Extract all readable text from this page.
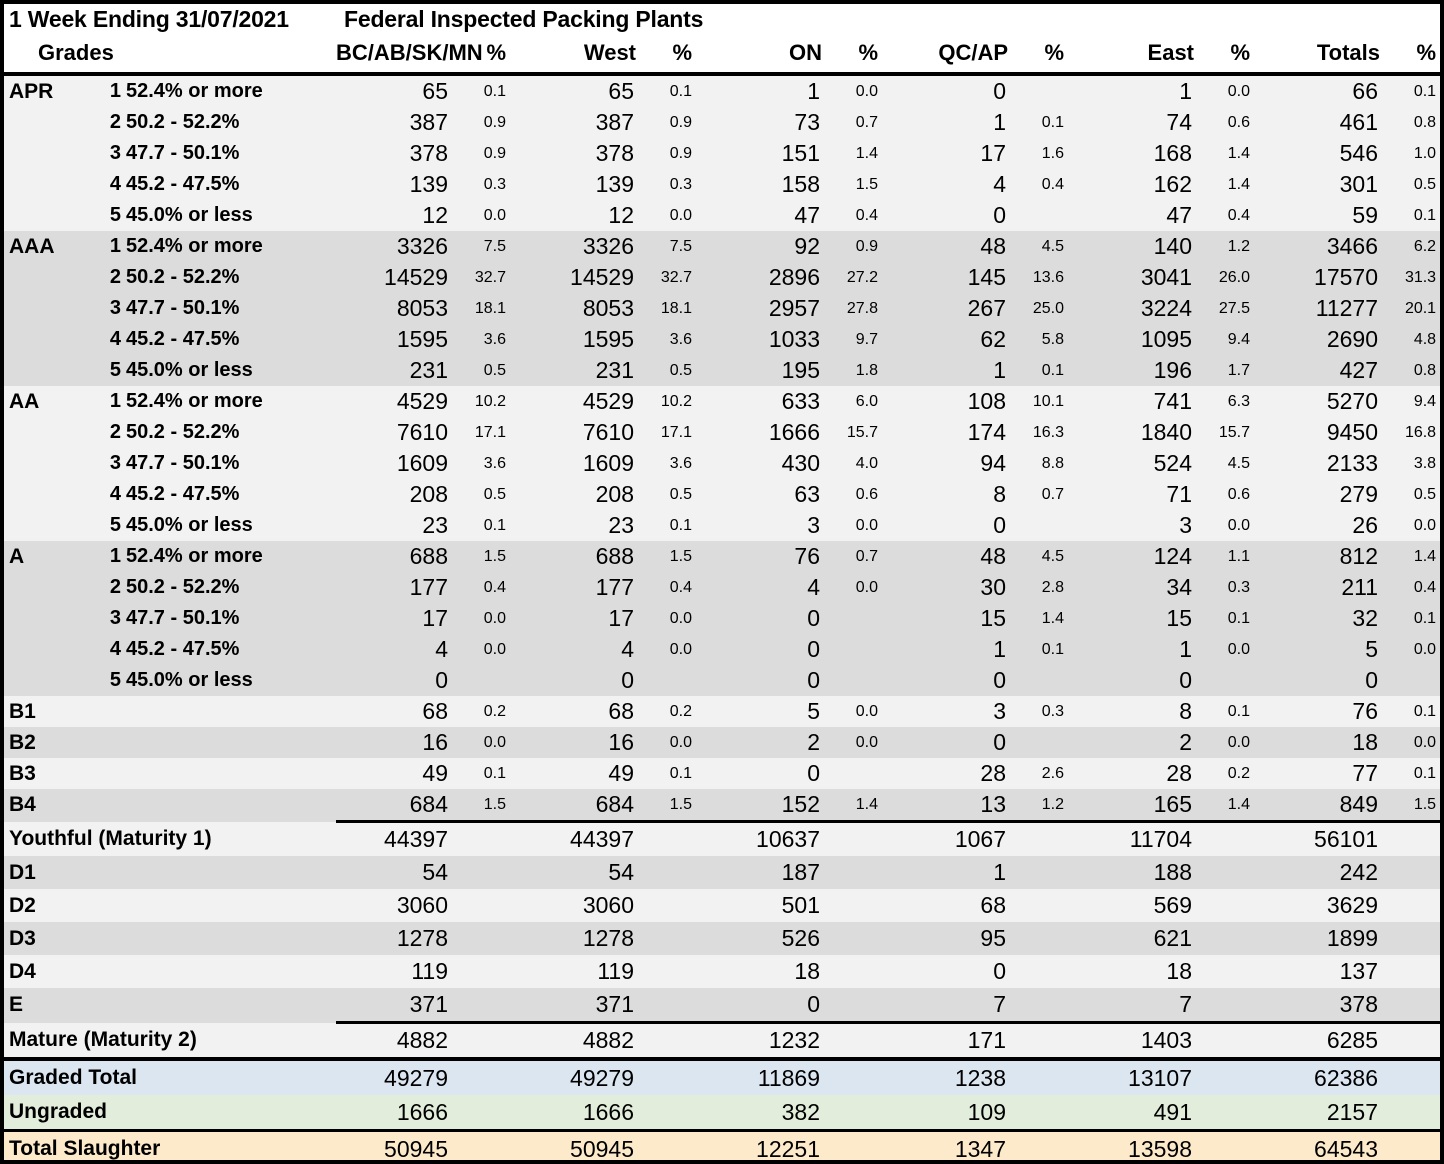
1 Week Ending 31/07/2021			Federal Inspected Packing Plants											
Grades			BC/AB/SK/MN	%	West	%	ON	%	QC/AP	%	East	%	Totals	%
APR	1	52.4% or more	65	0.1	65	0.1	1	0.0	0		1	0.0	66	0.1
	2	50.2 - 52.2%	387	0.9	387	0.9	73	0.7	1	0.1	74	0.6	461	0.8
	3	47.7 - 50.1%	378	0.9	378	0.9	151	1.4	17	1.6	168	1.4	546	1.0
	4	45.2 - 47.5%	139	0.3	139	0.3	158	1.5	4	0.4	162	1.4	301	0.5
	5	45.0% or less	12	0.0	12	0.0	47	0.4	0		47	0.4	59	0.1
AAA	1	52.4% or more	3326	7.5	3326	7.5	92	0.9	48	4.5	140	1.2	3466	6.2
	2	50.2 - 52.2%	14529	32.7	14529	32.7	2896	27.2	145	13.6	3041	26.0	17570	31.3
	3	47.7 - 50.1%	8053	18.1	8053	18.1	2957	27.8	267	25.0	3224	27.5	11277	20.1
	4	45.2 - 47.5%	1595	3.6	1595	3.6	1033	9.7	62	5.8	1095	9.4	2690	4.8
	5	45.0% or less	231	0.5	231	0.5	195	1.8	1	0.1	196	1.7	427	0.8
AA	1	52.4% or more	4529	10.2	4529	10.2	633	6.0	108	10.1	741	6.3	5270	9.4
	2	50.2 - 52.2%	7610	17.1	7610	17.1	1666	15.7	174	16.3	1840	15.7	9450	16.8
	3	47.7 - 50.1%	1609	3.6	1609	3.6	430	4.0	94	8.8	524	4.5	2133	3.8
	4	45.2 - 47.5%	208	0.5	208	0.5	63	0.6	8	0.7	71	0.6	279	0.5
	5	45.0% or less	23	0.1	23	0.1	3	0.0	0		3	0.0	26	0.0
A	1	52.4% or more	688	1.5	688	1.5	76	0.7	48	4.5	124	1.1	812	1.4
	2	50.2 - 52.2%	177	0.4	177	0.4	4	0.0	30	2.8	34	0.3	211	0.4
	3	47.7 - 50.1%	17	0.0	17	0.0	0		15	1.4	15	0.1	32	0.1
	4	45.2 - 47.5%	4	0.0	4	0.0	0		1	0.1	1	0.0	5	0.0
	5	45.0% or less	0		0		0		0		0		0	
B1			68	0.2	68	0.2	5	0.0	3	0.3	8	0.1	76	0.1
B2			16	0.0	16	0.0	2	0.0	0		2	0.0	18	0.0
B3			49	0.1	49	0.1	0		28	2.6	28	0.2	77	0.1
B4			684	1.5	684	1.5	152	1.4	13	1.2	165	1.4	849	1.5
Youthful (Maturity 1)			44397		44397		10637		1067		11704		56101	
D1			54		54		187		1		188		242	
D2			3060		3060		501		68		569		3629	
D3			1278		1278		526		95		621		1899	
D4			119		119		18		0		18		137	
E			371		371		0		7		7		378	
Mature (Maturity 2)			4882		4882		1232		171		1403		6285	
Graded Total			49279		49279		11869		1238		13107		62386	
Ungraded			1666		1666		382		109		491		2157	
Total Slaughter			50945		50945		12251		1347		13598		64543	
